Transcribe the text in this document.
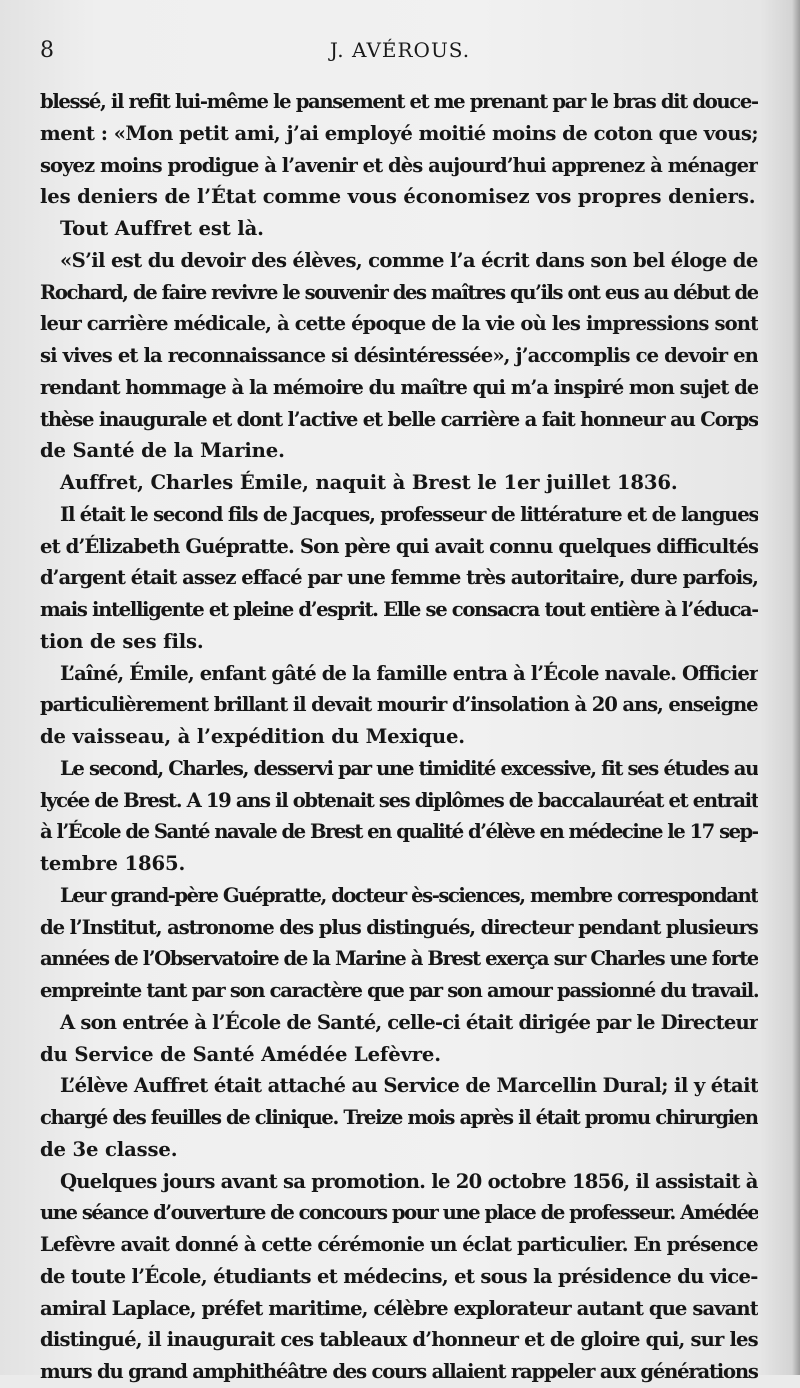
8	J. AVÉROUS.
blessé, il refit lui-même le pansement et me prenant par le bras dit douce-
ment : «Mon petit ami, j’ai employé moitié moins de coton que vous;
soyez moins prodigue à l’avenir et dès aujourd’hui apprenez à ménager
les deniers de l’État comme vous économisez vos propres deniers.
Tout Auffret est là.
«S’il est du devoir des élèves, comme l’a écrit dans son bel éloge de
Rochard, de faire revivre le souvenir des maîtres qu’ils ont eus au début de
leur carrière médicale, à cette époque de la vie où les impressions sont
si vives et la reconnaissance si désintéressée», j’accomplis ce devoir en
rendant hommage à la mémoire du maître qui m’a inspiré mon sujet de
thèse inaugurale et dont l’active et belle carrière a fait honneur au Corps
de Santé de la Marine.
Auffret, Charles Émile, naquit à Brest le 1er juillet 1836.
Il était le second fils de Jacques, professeur de littérature et de langues
et d’Élizabeth Guépratte. Son père qui avait connu quelques difficultés
d’argent était assez effacé par une femme très autoritaire, dure parfois,
mais intelligente et pleine d’esprit. Elle se consacra tout entière à l’éduca-
tion de ses fils.
L’aîné, Émile, enfant gâté de la famille entra à l’École navale. Officier
particulièrement brillant il devait mourir d’insolation à 20 ans, enseigne
de vaisseau, à l’expédition du Mexique.
Le second, Charles, desservi par une timidité excessive, fit ses études au
lycée de Brest. A 19 ans il obtenait ses diplômes de baccalauréat et entrait
à l’École de Santé navale de Brest en qualité d’élève en médecine le 17 sep-
tembre 1865.
Leur grand-père Guépratte, docteur ès-sciences, membre correspondant
de l’Institut, astronome des plus distingués, directeur pendant plusieurs
années de l’Observatoire de la Marine à Brest exerça sur Charles une forte
empreinte tant par son caractère que par son amour passionné du travail.
A son entrée à l’École de Santé, celle-ci était dirigée par le Directeur
du Service de Santé Amédée Lefèvre.
L’élève Auffret était attaché au Service de Marcellin Dural; il y était
chargé des feuilles de clinique. Treize mois après il était promu chirurgien
de 3e classe.
Quelques jours avant sa promotion. le 20 octobre 1856, il assistait à
une séance d’ouverture de concours pour une place de professeur. Amédée
Lefèvre avait donné à cette cérémonie un éclat particulier. En présence
de toute l’École, étudiants et médecins, et sous la présidence du vice-
amiral Laplace, préfet maritime, célèbre explorateur autant que savant
distingué, il inaugurait ces tableaux d’honneur et de gloire qui, sur les
murs du grand amphithéâtre des cours allaient rappeler aux générations
